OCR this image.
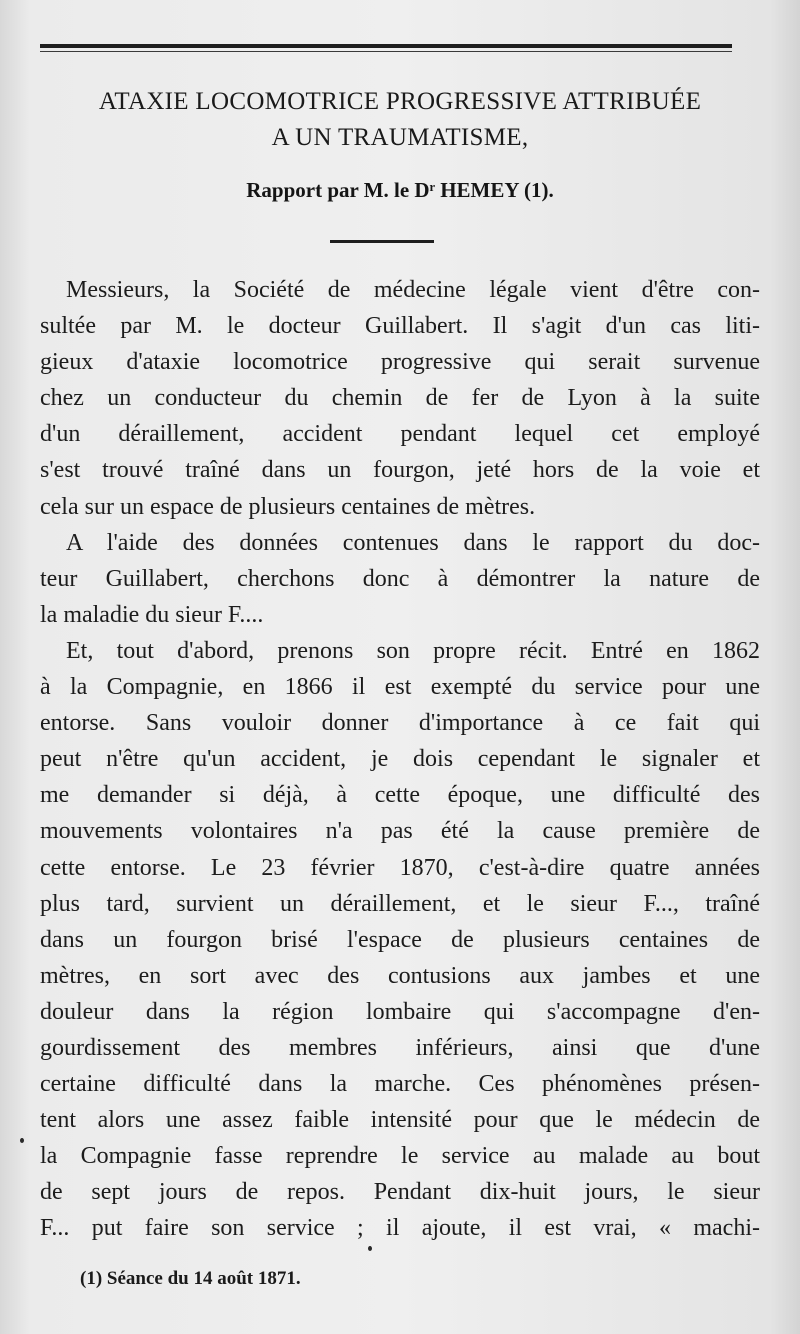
ATAXIE LOCOMOTRICE PROGRESSIVE ATTRIBUÉE
A UN TRAUMATISME,
Rapport par M. le Dʳ HEMEY (1).
Messieurs, la Société de médecine légale vient d'être con-
sultée par M. le docteur Guillabert. Il s'agit d'un cas liti-
gieux d'ataxie locomotrice progressive qui serait survenue
chez un conducteur du chemin de fer de Lyon à la suite
d'un déraillement, accident pendant lequel cet employé
s'est trouvé traîné dans un fourgon, jeté hors de la voie et
cela sur un espace de plusieurs centaines de mètres.
A l'aide des données contenues dans le rapport du doc-
teur Guillabert, cherchons donc à démontrer la nature de
la maladie du sieur F....
Et, tout d'abord, prenons son propre récit. Entré en 1862
à la Compagnie, en 1866 il est exempté du service pour une
entorse. Sans vouloir donner d'importance à ce fait qui
peut n'être qu'un accident, je dois cependant le signaler et
me demander si déjà, à cette époque, une difficulté des
mouvements volontaires n'a pas été la cause première de
cette entorse. Le 23 février 1870, c'est-à-dire quatre années
plus tard, survient un déraillement, et le sieur F..., traîné
dans un fourgon brisé l'espace de plusieurs centaines de
mètres, en sort avec des contusions aux jambes et une
douleur dans la région lombaire qui s'accompagne d'en-
gourdissement des membres inférieurs, ainsi que d'une
certaine difficulté dans la marche. Ces phénomènes présen-
tent alors une assez faible intensité pour que le médecin de
la Compagnie fasse reprendre le service au malade au bout
de sept jours de repos. Pendant dix-huit jours, le sieur
F... put faire son service ; il ajoute, il est vrai, « machi-
(1) Séance du 14 août 1871.
